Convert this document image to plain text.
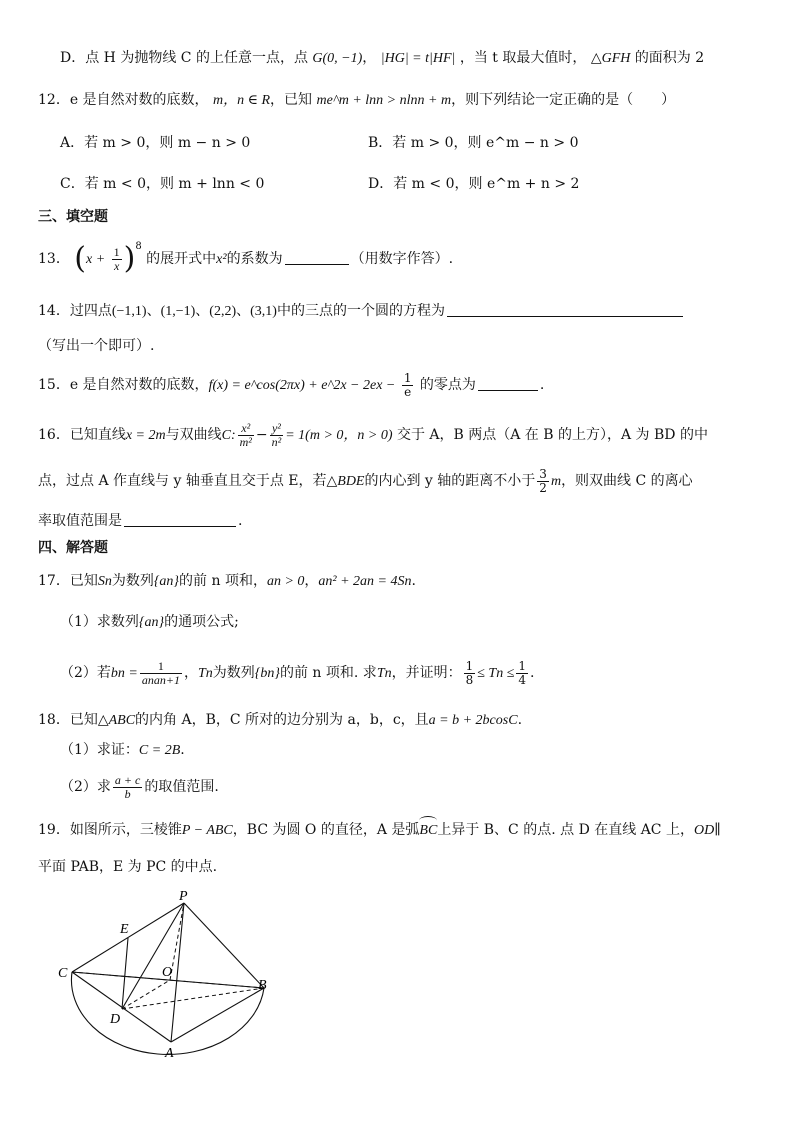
D．点 H 为抛物线 C 的上任意一点，点 G(0, −1)， |HG| = t|HF| ，当 t 取最大值时， △GFH 的面积为 2
12．e 是自然对数的底数， m，n ∈ R，已知 me^m + lnn > nlnn + m，则下列结论一定正确的是（　　）
A．若 m > 0，则 m − n > 0	B．若 m > 0，则 e^m − n > 0
C．若 m < 0，则 m + lnn < 0	D．若 m < 0，则 e^m + n > 2
三、填空题
13． $(x + \frac{1}{x} )^8$ 的展开式中x²的系数为	（用数字作答）.
14．过四点(−1,1)、(1,−1)、(2,2)、(3,1)中的三点的一个圆的方程为
（写出一个即可）.
15．e 是自然对数的底数，f(x) = e^cos(2πx) + e^2x − $2ex - \frac{1}{e}$ 的零点为	.
16．已知直线x = 2m与双曲线C: $\frac{\text{x²}}{\text{m²}} - \frac{\text{y²}}{\text{n²}} = 1(m > 0$，n > 0) 交于 A，B 两点（A 在 B 的上方），A 为 BD 的中
点，过点 A 作直线与 y 轴垂直且交于点 E，若△BDE的内心到 y 轴的距离不小于 $\frac{3}{2}$ m，则双曲线 C 的离心
率取值范围是	.
四、解答题
17．已知Sn为数列{an}的前 n 项和，an > 0，an² + 2an = 4Sn.
（1）求数列{an}的通项公式;
（2）若bn = $\frac{1}{\text{anan+1}}$ ，Tn为数列{bn}的前 n 项和. 求Tn，并证明： $\frac{1}{8} \le Tn \le \frac{1}{4}$ .
18．已知△ABC的内角 A，B，C 所对的边分别为 a，b，c，且a = b + 2bcosC.
（1）求证：C = 2B.
（2）求 $\frac{a + c}{b}$ 的取值范围.
19．如图所示，三棱锥P − ABC，BC 为圆 O 的直径，A 是弧BC上异于 B、C 的点. 点 D 在直线 AC 上，OD∥
平面 PAB，E 为 PC 的中点.
P
E
C	O
B
D
A
